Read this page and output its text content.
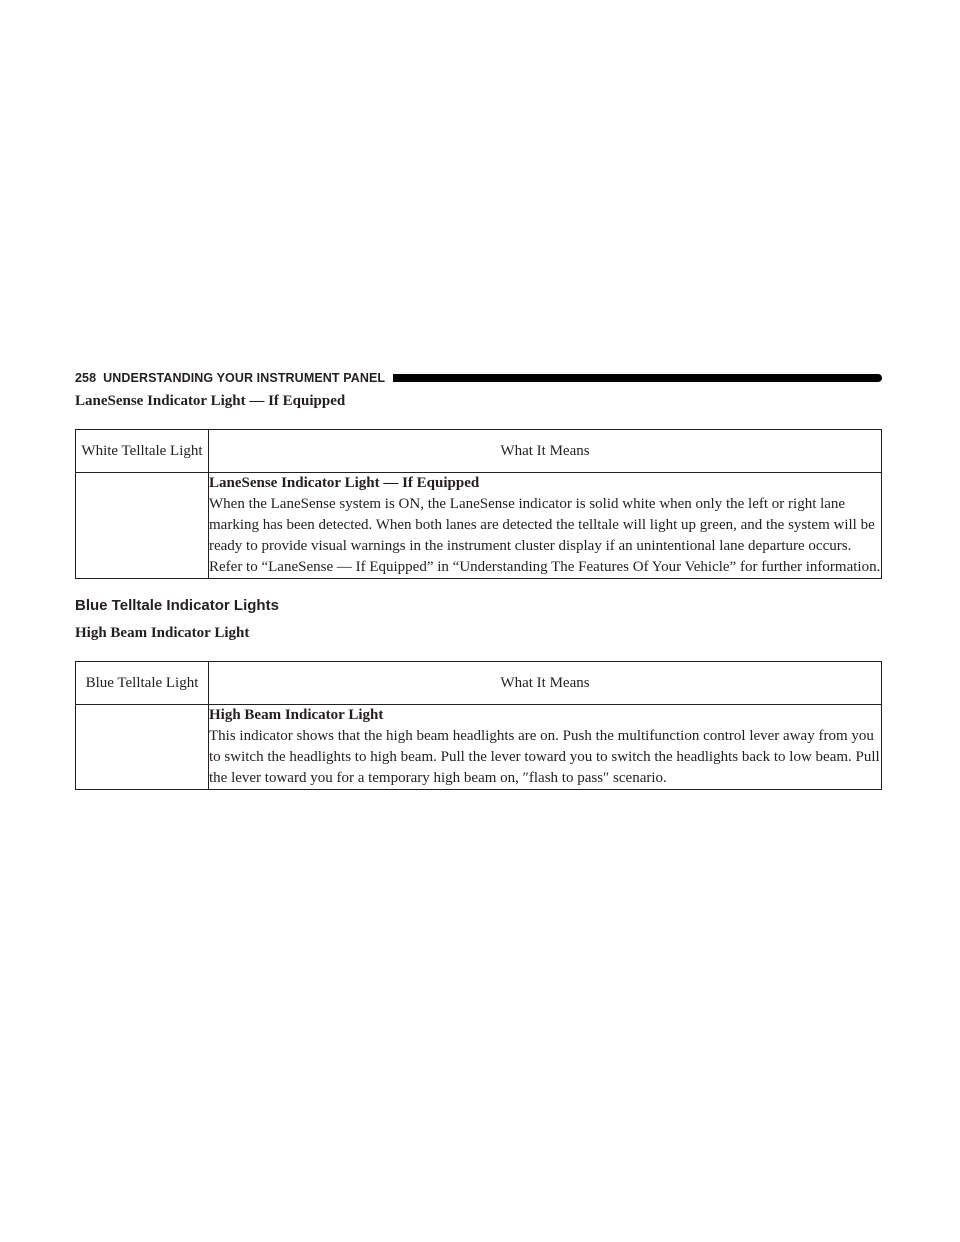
258 UNDERSTANDING YOUR INSTRUMENT PANEL
LaneSense Indicator Light — If Equipped
White Telltale Light	What It Means

	LaneSense Indicator Light — If Equipped
When the LaneSense system is ON, the LaneSense indicator is solid white when only the left or right lane marking has been detected. When both lanes are detected the telltale will light up green, and the system will be ready to provide visual warnings in the instrument cluster display if an unintentional lane departure occurs. Refer to “LaneSense — If Equipped” in “Understanding The Features Of Your Vehicle” for further information.
Blue Telltale Indicator Lights
High Beam Indicator Light
Blue Telltale Light	What It Means

	High Beam Indicator Light
This indicator shows that the high beam headlights are on. Push the multifunction control lever away from you to switch the headlights to high beam. Pull the lever toward you to switch the headlights back to low beam. Pull the lever toward you for a temporary high beam on, ″flash to pass″ scenario.
